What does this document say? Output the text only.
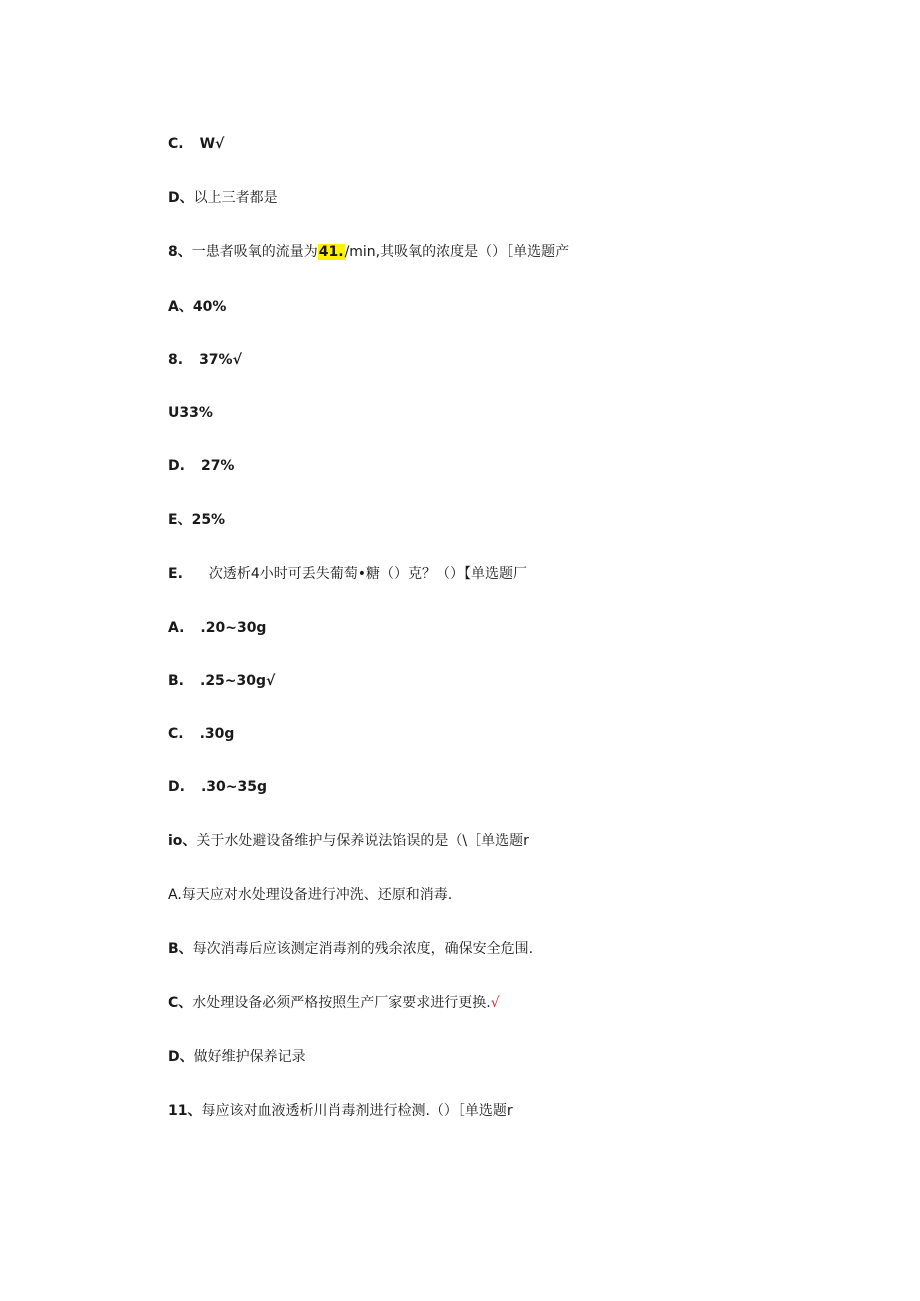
C. W√
D、以上三者都是
8、一患者吸氧的流量为41./min,其吸氧的浓度是（）［单选题产
A、40%
8. 37%√
U33%
D. 27%
E、25%
E. 次透析4小时可丢失葡萄•糖（）克？（）【单选题厂
A. .20~30g
B. .25~30g√
C. .30g
D. .30~35g
io、关于水处避设备维护与保养说法馅误的是（\［单选题r
A.每天应对水处理设备进行冲洗、还原和消毒.
B、每次消毒后应该测定消毒剂的残余浓度，确保安全危围.
C、水处理设备必须严格按照生产厂家要求进行更换.√
D、做好维护保养记录
11、每应该对血液透析川肖毒剂进行检测.（）［单选题r
